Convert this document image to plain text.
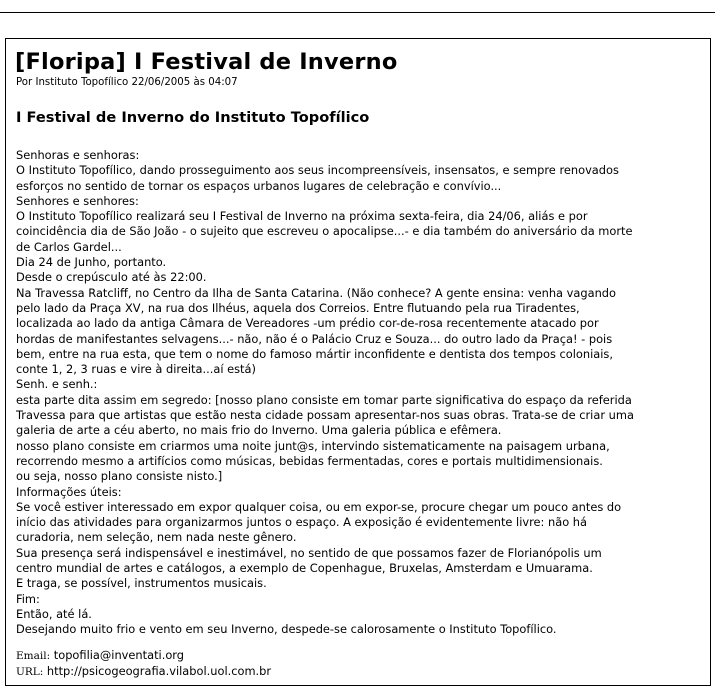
[Floripa] I Festival de Inverno
Por Instituto Topofílico 22/06/2005 às 04:07
I Festival de Inverno do Instituto Topofílico
Senhoras e senhoras:
O Instituto Topofílico, dando prosseguimento aos seus incompreensíveis, insensatos, e sempre renovados
esforços no sentido de tornar os espaços urbanos lugares de celebração e convívio...
Senhores e senhores:
O Instituto Topofílico realizará seu I Festival de Inverno na próxima sexta-feira, dia 24/06, aliás e por
coincidência dia de São João - o sujeito que escreveu o apocalipse...- e dia também do aniversário da morte
de Carlos Gardel...
Dia 24 de Junho, portanto.
Desde o crepúsculo até às 22:00.
Na Travessa Ratcliff, no Centro da Ilha de Santa Catarina. (Não conhece? A gente ensina: venha vagando
pelo lado da Praça XV, na rua dos Ilhéus, aquela dos Correios. Entre flutuando pela rua Tiradentes,
localizada ao lado da antiga Câmara de Vereadores -um prédio cor-de-rosa recentemente atacado por
hordas de manifestantes selvagens...- não, não é o Palácio Cruz e Souza... do outro lado da Praça! - pois
bem, entre na rua esta, que tem o nome do famoso mártir inconfidente e dentista dos tempos coloniais,
conte 1, 2, 3 ruas e vire à direita...aí está)
Senh. e senh.:
esta parte dita assim em segredo: [nosso plano consiste em tomar parte significativa do espaço da referida
Travessa para que artistas que estão nesta cidade possam apresentar-nos suas obras. Trata-se de criar uma
galeria de arte a céu aberto, no mais frio do Inverno. Uma galeria pública e efêmera.
nosso plano consiste em criarmos uma noite junt@s, intervindo sistematicamente na paisagem urbana,
recorrendo mesmo a artifícios como músicas, bebidas fermentadas, cores e portais multidimensionais.
ou seja, nosso plano consiste nisto.]
Informações úteis:
Se você estiver interessado em expor qualquer coisa, ou em expor-se, procure chegar um pouco antes do
início das atividades para organizarmos juntos o espaço. A exposição é evidentemente livre: não há
curadoria, nem seleção, nem nada neste gênero.
Sua presença será indispensável e inestimável, no sentido de que possamos fazer de Florianópolis um
centro mundial de artes e catálogos, a exemplo de Copenhague, Bruxelas, Amsterdam e Umuarama.
E traga, se possível, instrumentos musicais.
Fim:
Então, até lá.
Desejando muito frio e vento em seu Inverno, despede-se calorosamente o Instituto Topofílico.
Email: topofilia@inventati.org
URL: http://psicogeografia.vilabol.uol.com.br
